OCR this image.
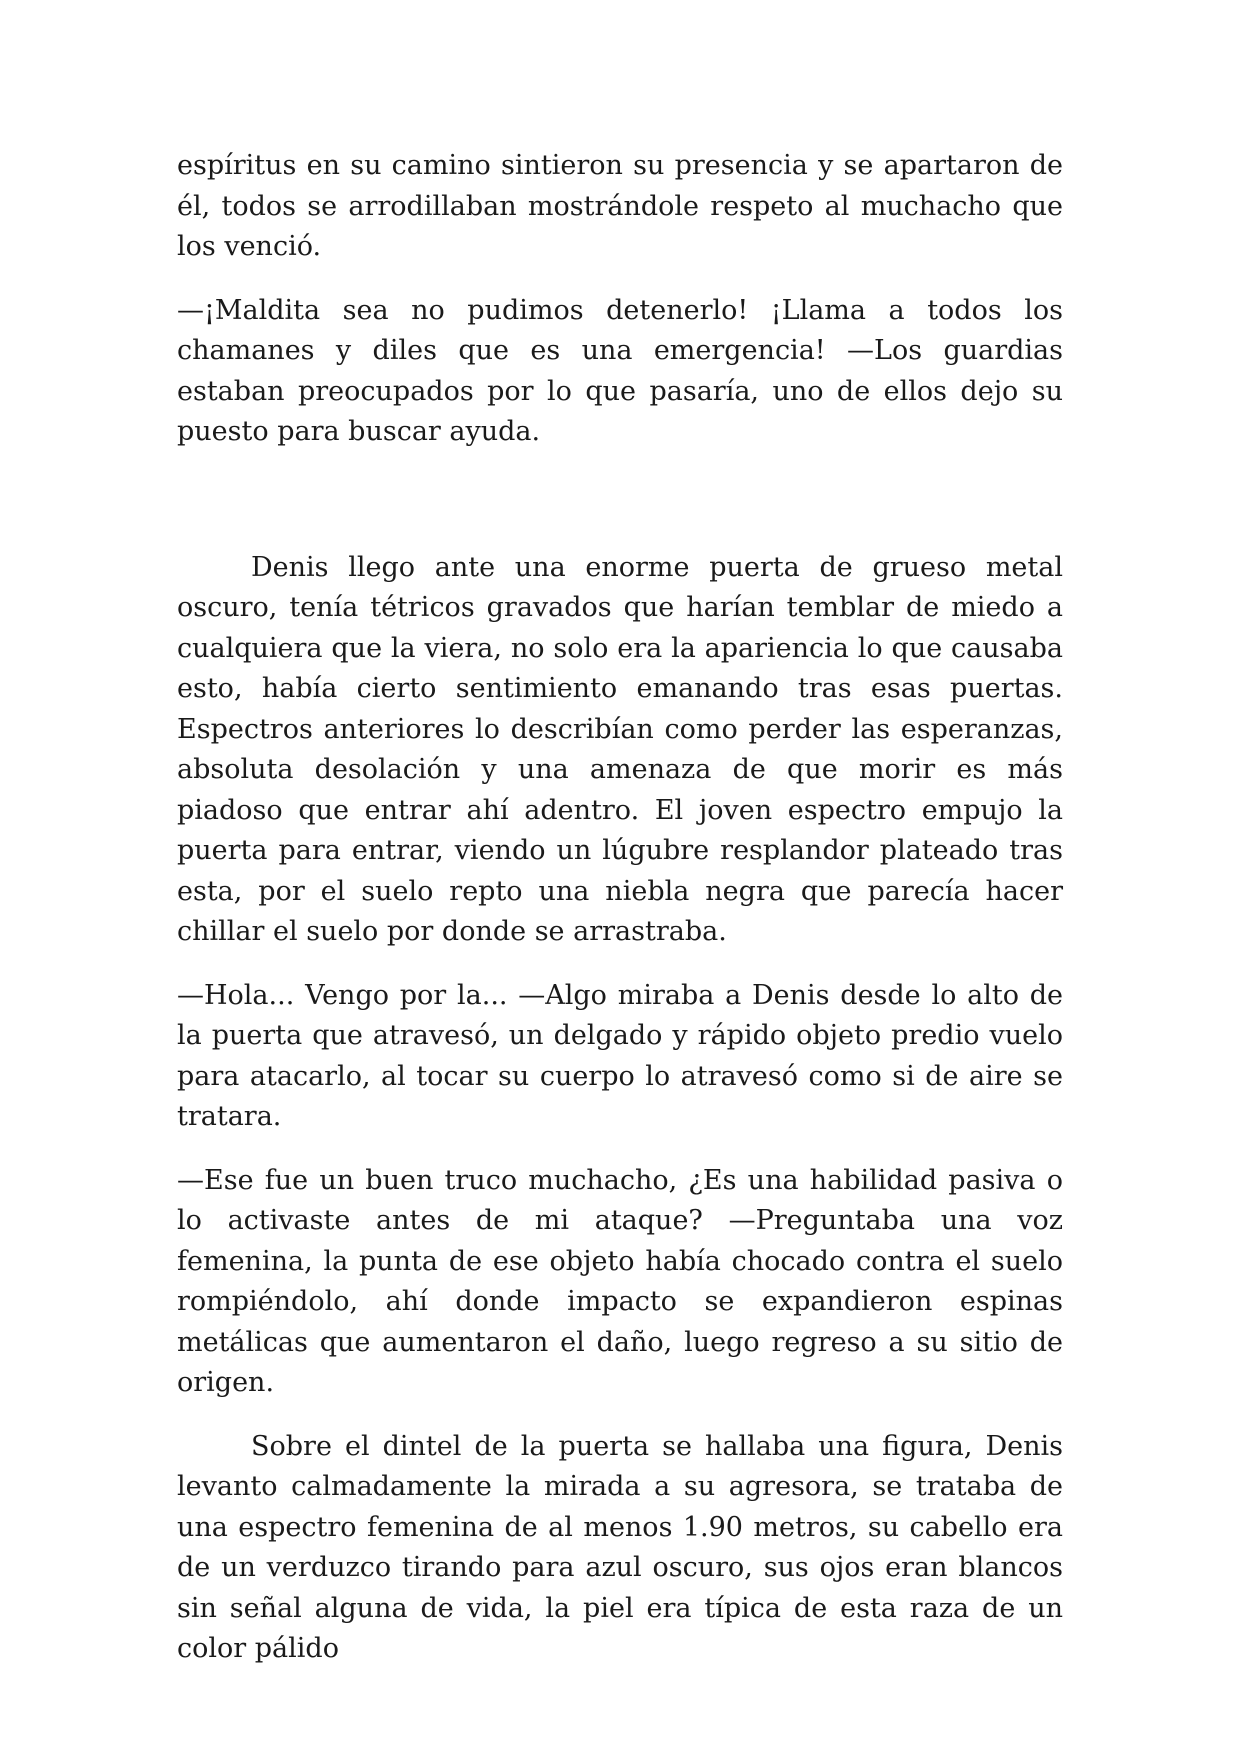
espíritus en su camino sintieron su presencia y se apartaron de él, todos se arrodillaban mostrándole respeto al muchacho que los venció.

—¡Maldita sea no pudimos detenerlo! ¡Llama a todos los chamanes y diles que es una emergencia! —Los guardias estaban preocupados por lo que pasaría, uno de ellos dejo su puesto para buscar ayuda.

Denis llego ante una enorme puerta de grueso metal oscuro, tenía tétricos gravados que harían temblar de miedo a cualquiera que la viera, no solo era la apariencia lo que causaba esto, había cierto sentimiento emanando tras esas puertas. Espectros anteriores lo describían como perder las esperanzas, absoluta desolación y una amenaza de que morir es más piadoso que entrar ahí adentro. El joven espectro empujo la puerta para entrar, viendo un lúgubre resplandor plateado tras esta, por el suelo repto una niebla negra que parecía hacer chillar el suelo por donde se arrastraba.

—Hola... Vengo por la... —Algo miraba a Denis desde lo alto de la puerta que atravesó, un delgado y rápido objeto predio vuelo para atacarlo, al tocar su cuerpo lo atravesó como si de aire se tratara.

—Ese fue un buen truco muchacho, ¿Es una habilidad pasiva o lo activaste antes de mi ataque? —Preguntaba una voz femenina, la punta de ese objeto había chocado contra el suelo rompiéndolo, ahí donde impacto se expandieron espinas metálicas que aumentaron el daño, luego regreso a su sitio de origen.

Sobre el dintel de la puerta se hallaba una figura, Denis levanto calmadamente la mirada a su agresora, se trataba de una espectro femenina de al menos 1.90 metros, su cabello era de un verduzco tirando para azul oscuro, sus ojos eran blancos sin señal alguna de vida, la piel era típica de esta raza de un color pálido
